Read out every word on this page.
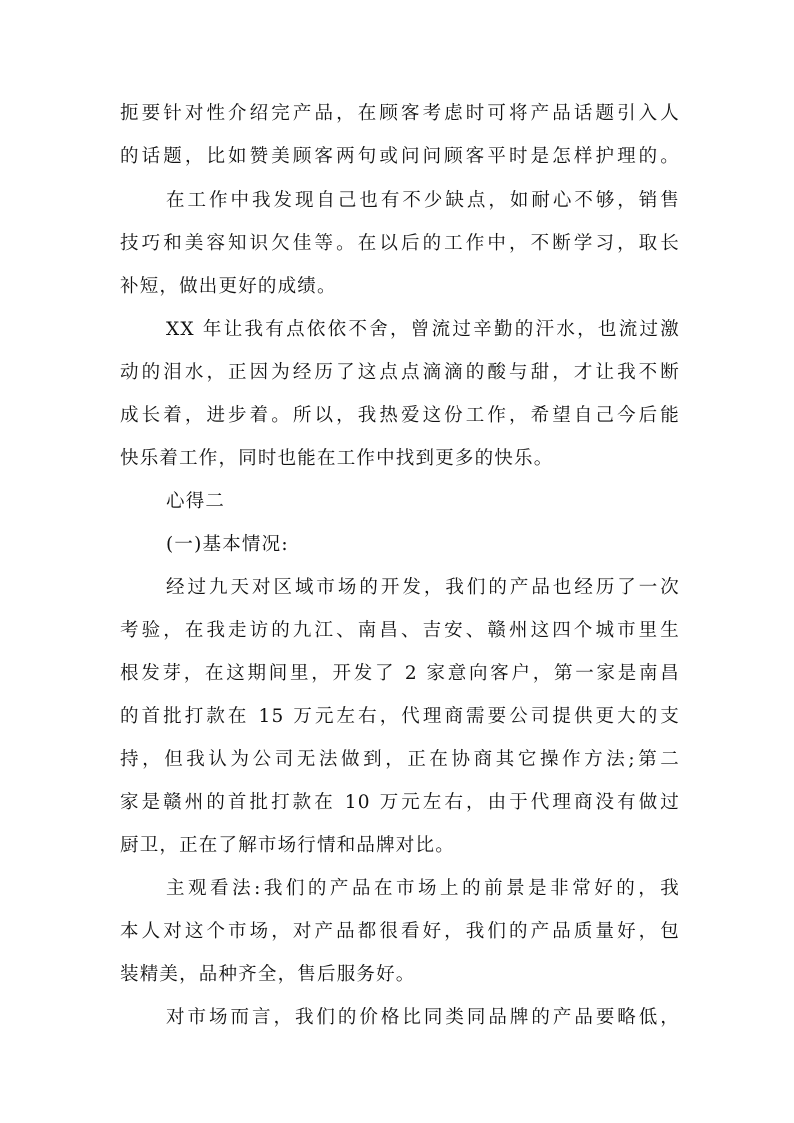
扼要针对性介绍完产品，在顾客考虑时可将产品话题引入人
的话题，比如赞美顾客两句或问问顾客平时是怎样护理的。
在工作中我发现自己也有不少缺点，如耐心不够，销售
技巧和美容知识欠佳等。在以后的工作中，不断学习，取长
补短，做出更好的成绩。
XX 年让我有点依依不舍，曾流过辛勤的汗水，也流过激
动的泪水，正因为经历了这点点滴滴的酸与甜，才让我不断
成长着，进步着。所以，我热爱这份工作，希望自己今后能
快乐着工作，同时也能在工作中找到更多的快乐。
心得二
(一)基本情况:
经过九天对区域市场的开发，我们的产品也经历了一次
考验，在我走访的九江、南昌、吉安、赣州这四个城市里生
根发芽，在这期间里，开发了 2 家意向客户，第一家是南昌
的首批打款在 15 万元左右，代理商需要公司提供更大的支
持，但我认为公司无法做到，正在协商其它操作方法;第二
家是赣州的首批打款在 10 万元左右，由于代理商没有做过
厨卫，正在了解市场行情和品牌对比。
主观看法:我们的产品在市场上的前景是非常好的，我
本人对这个市场，对产品都很看好，我们的产品质量好，包
装精美，品种齐全，售后服务好。
对市场而言，我们的价格比同类同品牌的产品要略低，
